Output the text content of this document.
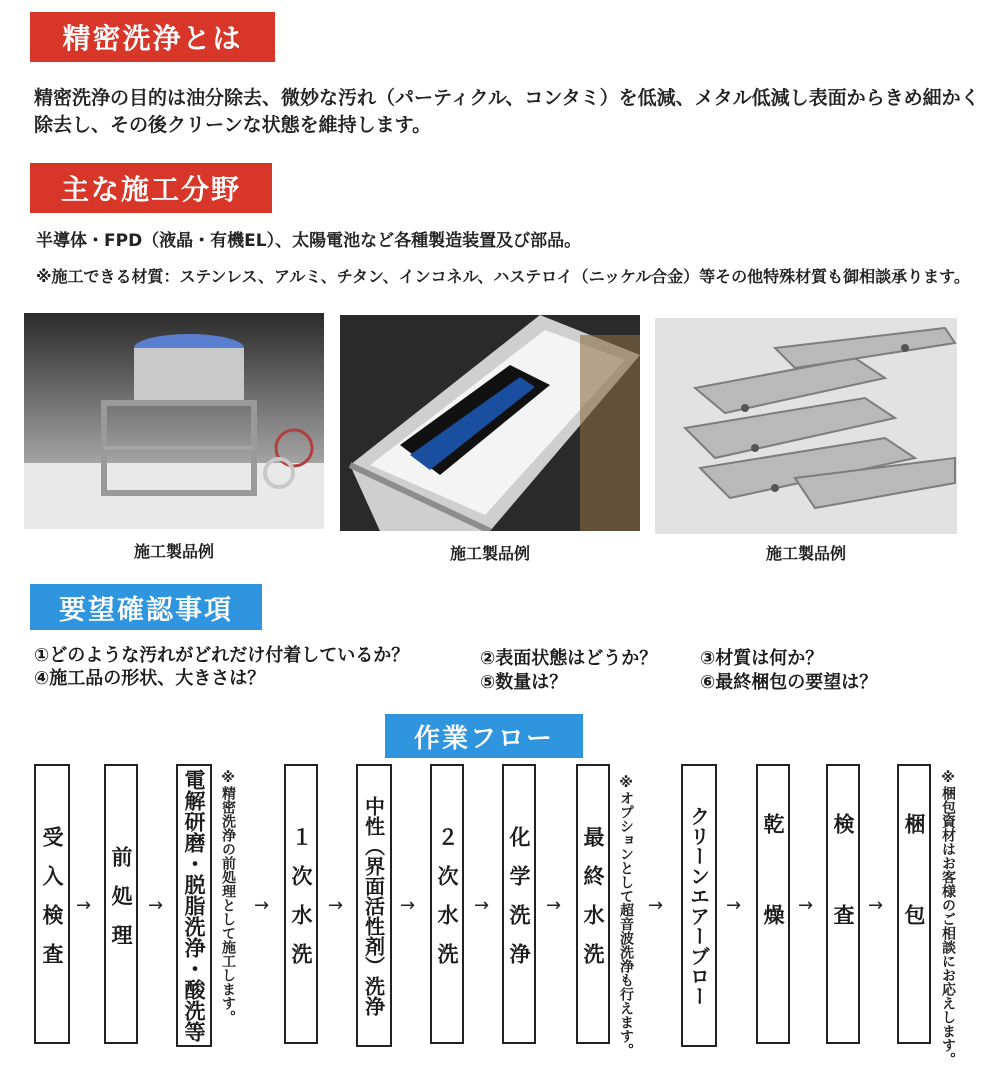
精密洗浄とは
精密洗浄の目的は油分除去、微妙な汚れ（パーティクル、コンタミ）を低減、メタル低減し表面からきめ細かく
除去し、その後クリーンな状態を維持します。
主な施工分野
半導体・FPD（液晶・有機EL）、太陽電池など各種製造装置及び部品。
※施工できる材質：ステンレス、アルミ、チタン、インコネル、ハステロイ（ニッケル合金）等その他特殊材質も御相談承ります。
施工製品例	施工製品例	施工製品例
要望確認事項
①どのような汚れがどれだけ付着しているか？	②表面状態はどうか？ ③材質は何か？
④施工品の形状、大きさは？	⑤数量は？	⑥最終梱包の要望は？
作業フロー
受入検査 → 前処理 → 電解研磨・脱脂洗浄・酸洗等 ※精密洗浄の前処理として施工します。 → １次水洗 → 中性（界面活性剤）洗浄 → ２次水洗 → 化学洗浄 → 最終水洗 ※オプションとして超音波洗浄も行えます。 → クリーンエアーブロー → 乾燥 → 検査 → 梱包 ※梱包資材はお客様のご相談にお応えします。
